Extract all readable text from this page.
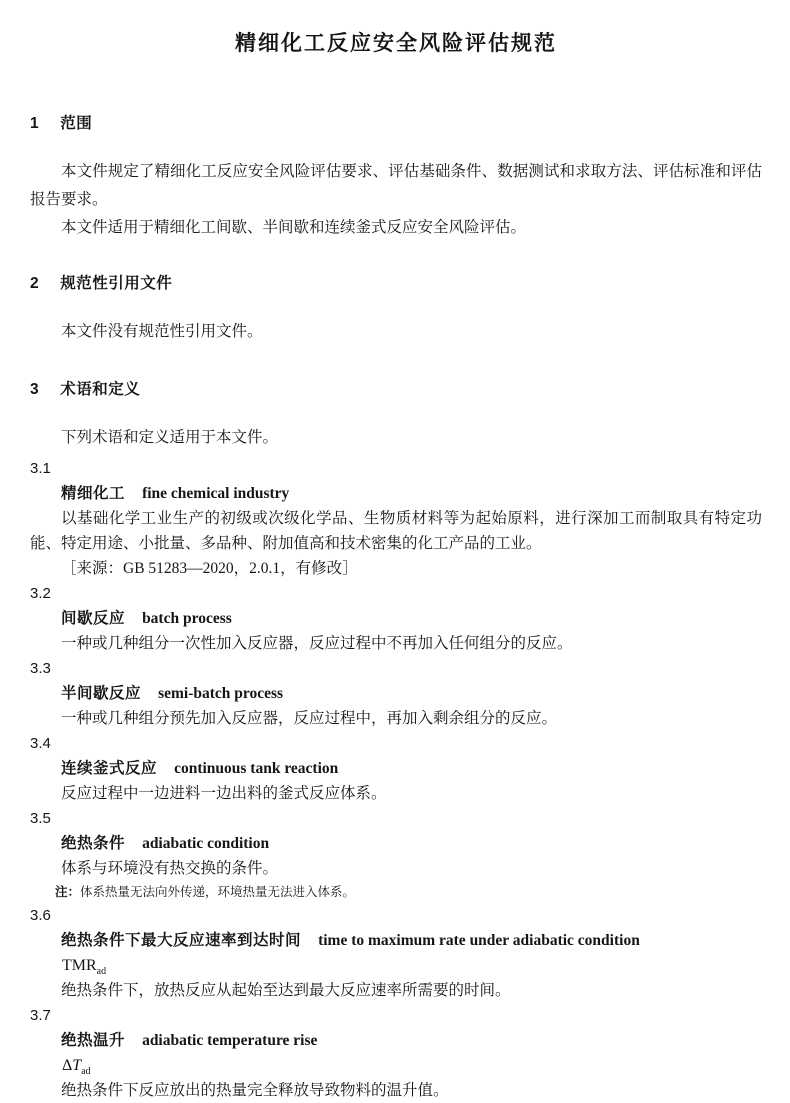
精细化工反应安全风险评估规范
1 范围

本文件规定了精细化工反应安全风险评估要求、评估基础条件、数据测试和求取方法、评估标准和评估报告要求。

本文件适用于精细化工间歇、半间歇和连续釜式反应安全风险评估。

2 规范性引用文件

本文件没有规范性引用文件。

3 术语和定义

下列术语和定义适用于本文件。

3.1
精细化工 fine chemical industry

以基础化学工业生产的初级或次级化学品、生物质材料等为起始原料，进行深加工而制取具有特定功能、特定用途、小批量、多品种、附加值高和技术密集的化工产品的工业。

［来源：GB 51283—2020，2.0.1，有修改］

3.2
间歇反应 batch process

一种或几种组分一次性加入反应器，反应过程中不再加入任何组分的反应。

3.3
半间歇反应 semi-batch process

一种或几种组分预先加入反应器，反应过程中，再加入剩余组分的反应。

3.4
连续釜式反应 continuous tank reaction

反应过程中一边进料一边出料的釜式反应体系。

3.5
绝热条件 adiabatic condition

体系与环境没有热交换的条件。

注：体系热量无法向外传递，环境热量无法进入体系。
3.6
绝热条件下最大反应速率到达时间 time to maximum rate under adiabatic condition
$TMR_{ad}$

绝热条件下，放热反应从起始至达到最大反应速率所需要的时间。

3.7
绝热温升 adiabatic temperature rise
$\Delta T_{ad}$

绝热条件下反应放出的热量完全释放导致物料的温升值。
